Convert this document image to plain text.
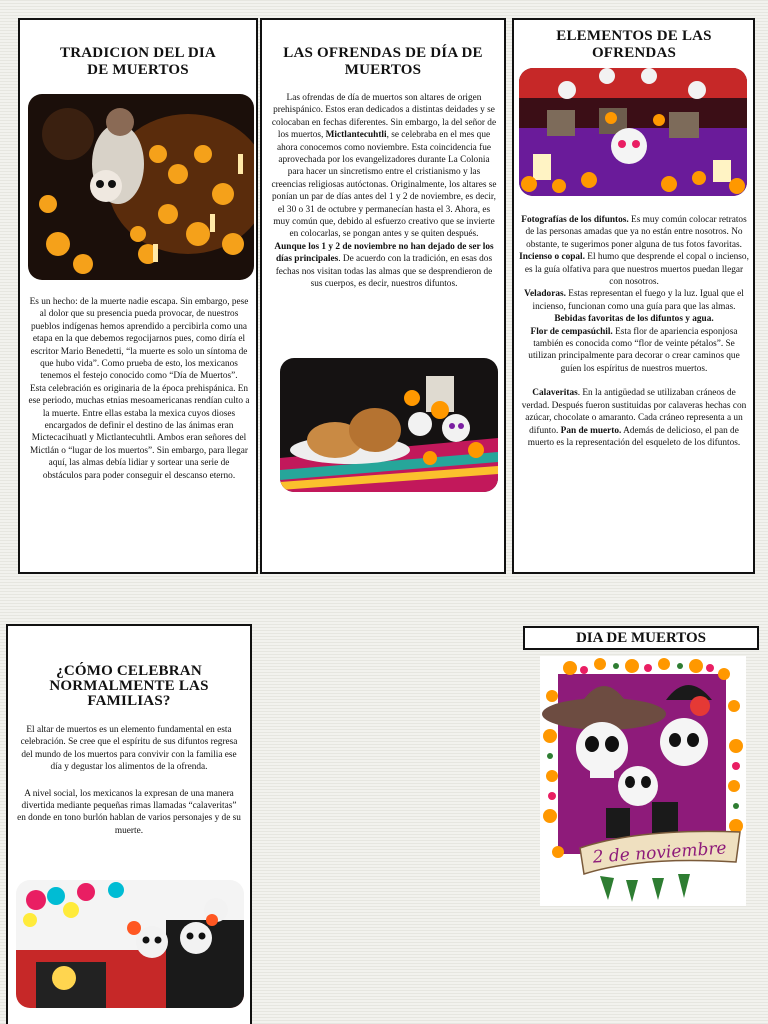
TRADICION DEL DIA DE MUERTOS

Es un hecho: de la muerte nadie escapa. Sin embargo, pese al dolor que su presencia pueda provocar, de nuestros pueblos indígenas hemos aprendido a percibirla como una etapa en la que debemos regocijarnos pues, como diría el escritor Mario Benedetti, “la muerte es solo un síntoma de que hubo vida”. Como prueba de esto, los mexicanos tenemos el festejo conocido como “Día de Muertos”.

Esta celebración es originaria de la época prehispánica. En ese periodo, muchas etnias mesoamericanas rendían culto a la muerte. Entre ellas estaba la mexica cuyos dioses encargados de definir el destino de las ánimas eran Mictecacihuatl y Mictlantecuhtli. Ambos eran señores del Mictlán o “lugar de los muertos”. Sin embargo, para llegar aquí, las almas debía lidiar y sortear una serie de obstáculos para poder conseguir el descanso eterno.

LAS OFRENDAS DE DÍA DE MUERTOS

Las ofrendas de día de muertos son altares de origen prehispánico. Estos eran dedicados a distintas deidades y se colocaban en fechas diferentes. Sin embargo, la del señor de los muertos, Mictlantecuhtli, se celebraba en el mes que ahora conocemos como noviembre. Esta coincidencia fue aprovechada por los evangelizadores durante La Colonia para hacer un sincretismo entre el cristianismo y las creencias religiosas autóctonas. Originalmente, los altares se ponían un par de días antes del 1 y 2 de noviembre, es decir, el 30 o 31 de octubre y permanecían hasta el 3. Ahora, es muy común que, debido al esfuerzo creativo que se invierte en colocarlas, se pongan antes y se quiten después.

Aunque los 1 y 2 de noviembre no han dejado de ser los días principales. De acuerdo con la tradición, en esas dos fechas nos visitan todas las almas que se desprendieron de sus cuerpos, es decir, nuestros difuntos.

ELEMENTOS DE LAS OFRENDAS

Fotografías de los difuntos. Es muy común colocar retratos de las personas amadas que ya no están entre nosotros. No obstante, te sugerimos poner alguna de tus fotos favoritas.

Incienso o copal. El humo que desprende el copal o incienso, es la guía olfativa para que nuestros muertos puedan llegar con nosotros.

Veladoras. Estas representan el fuego y la luz. Igual que el incienso, funcionan como una guía para que las almas.

Bebidas favoritas de los difuntos y agua.

Flor de cempasúchil. Esta flor de apariencia esponjosa también es conocida como “flor de veinte pétalos”. Se utilizan principalmente para decorar o crear caminos que guíen los espíritus de nuestros muertos.

Calaveritas. En la antigüedad se utilizaban cráneos de verdad. Después fueron sustituidas por calaveras hechas con azúcar, chocolate o amaranto. Cada cráneo representa a un difunto. Pan de muerto. Además de delicioso, el pan de muerto es la representación del esqueleto de los difuntos.

¿CÓMO CELEBRAN NORMALMENTE LAS FAMILIAS?

El altar de muertos es un elemento fundamental en esta celebración. Se cree que el espíritu de sus difuntos regresa del mundo de los muertos para convivir con la familia ese día y degustar los alimentos de la ofrenda.

A nivel social, los mexicanos la expresan de una manera divertida mediante pequeñas rimas llamadas “calaveritas” en donde en tono burlón hablan de varios personajes y de su muerte.

DIA DE MUERTOS
2 de noviembre
